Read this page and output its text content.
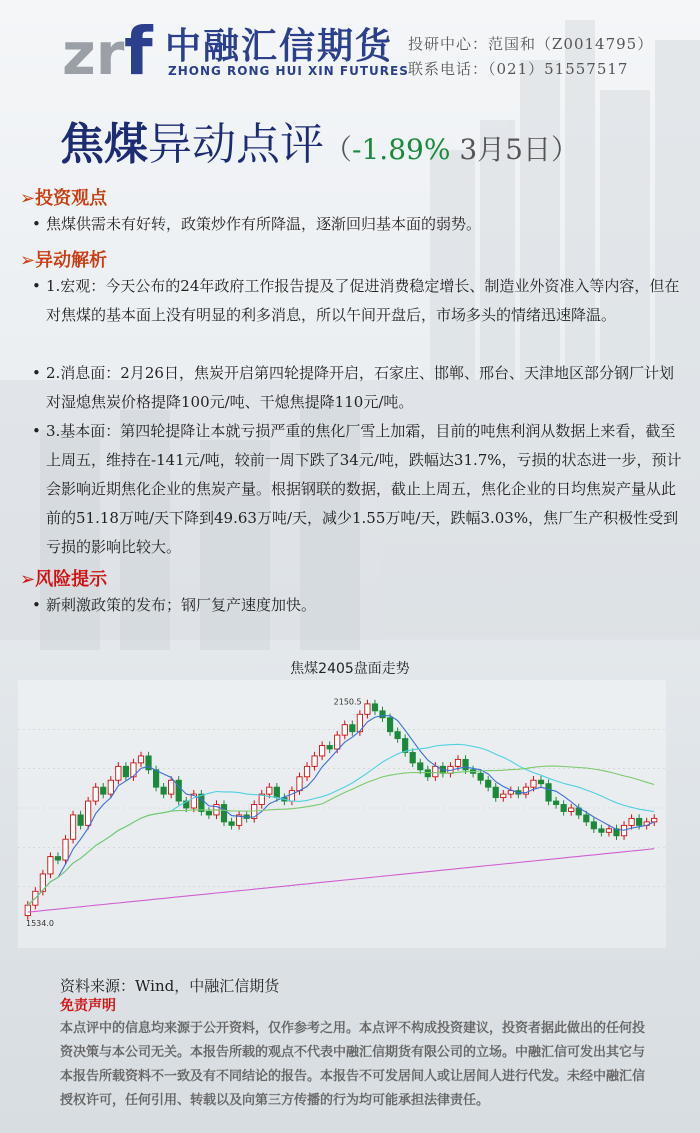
zr f 中融汇信期货
ZHONG RONG HUI XIN FUTURES
投研中心：范国和（Z0014795）
联系电话：（021）51557517
焦煤异动点评（-1.89% 3月5日）
➢投资观点
• 焦煤供需未有好转，政策炒作有所降温，逐渐回归基本面的弱势。
➢异动解析
• 1.宏观：今天公布的24年政府工作报告提及了促进消费稳定增长、制造业外资准入等内容，但在对焦煤的基本面上没有明显的利多消息，所以午间开盘后，市场多头的情绪迅速降温。
• 2.消息面：2月26日，焦炭开启第四轮提降开启，石家庄、邯郸、邢台、天津地区部分钢厂计划对湿熄焦炭价格提降100元/吨、干熄焦提降110元/吨。
• 3.基本面：第四轮提降让本就亏损严重的焦化厂雪上加霜，目前的吨焦利润从数据上来看，截至上周五，维持在-141元/吨，较前一周下跌了34元/吨，跌幅达31.7%，亏损的状态进一步，预计会影响近期焦化企业的焦炭产量。根据钢联的数据，截止上周五，焦化企业的日均焦炭产量从此前的51.18万吨/天下降到49.63万吨/天，减少1.55万吨/天，跌幅3.03%，焦厂生产积极性受到亏损的影响比较大。
➢风险提示
• 新刺激政策的发布；钢厂复产速度加快。
焦煤2405盘面走势
2150.5
1534.0
资料来源：Wind，中融汇信期货
免责声明
本点评中的信息均来源于公开资料，仅作参考之用。本点评不构成投资建议，投资者据此做出的任何投资决策与本公司无关。本报告所载的观点不代表中融汇信期货有限公司的立场。中融汇信可发出其它与本报告所载资料不一致及有不同结论的报告。本报告不可发居间人或让居间人进行代发。未经中融汇信授权许可，任何引用、转载以及向第三方传播的行为均可能承担法律责任。
